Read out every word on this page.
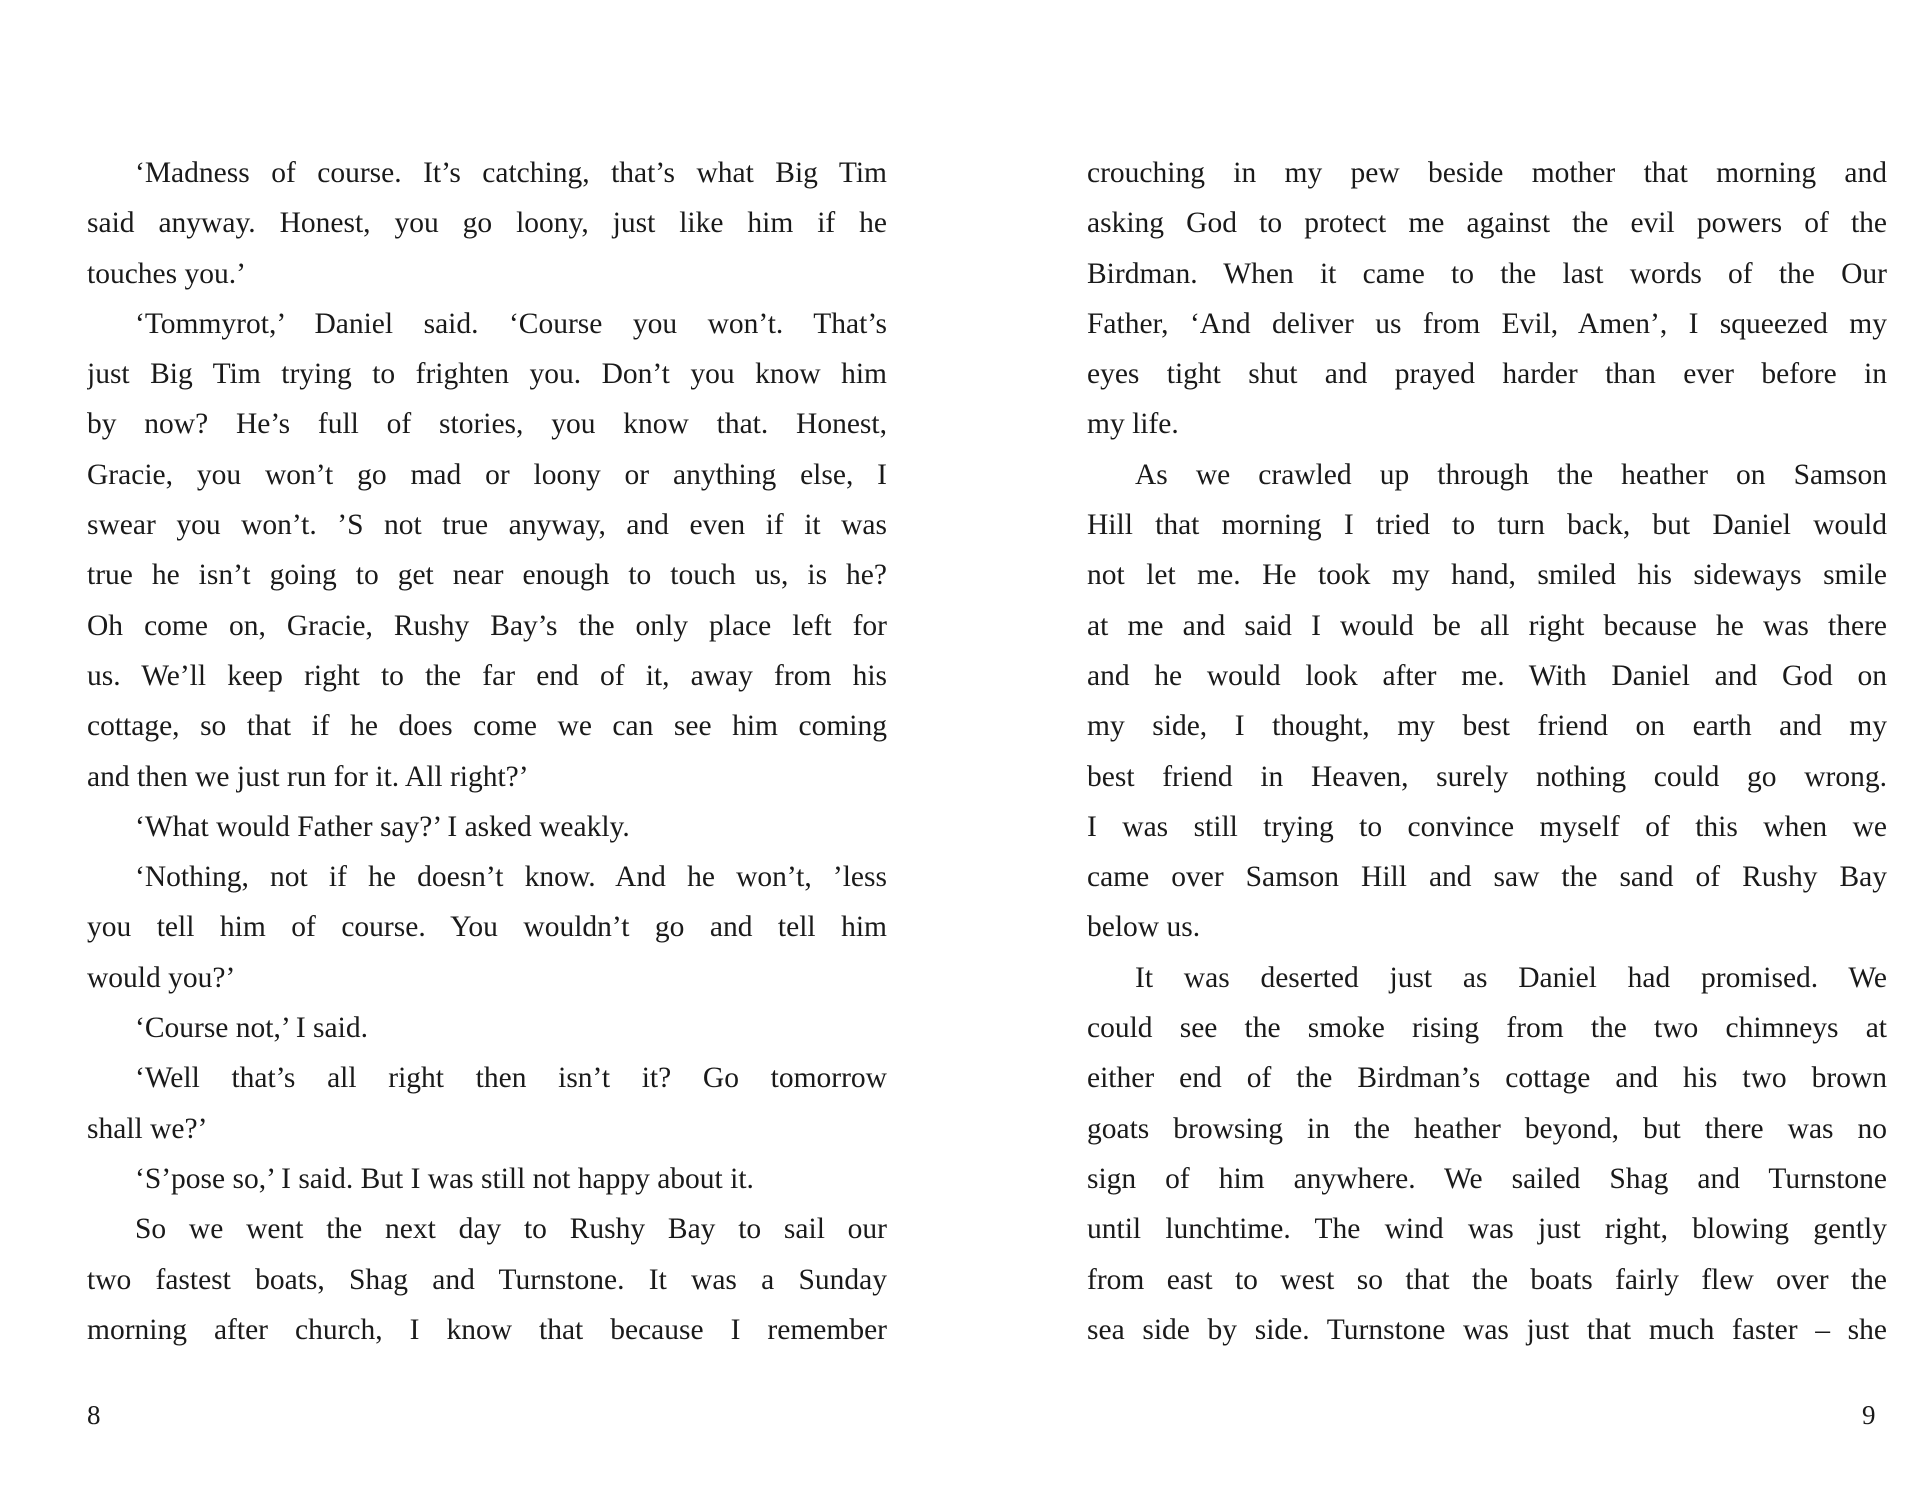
‘Madness of course. It’s catching, that’s what Big Tim
said anyway. Honest, you go loony, just like him if he
touches you.’
‘Tommyrot,’ Daniel said. ‘Course you won’t. That’s
just Big Tim trying to frighten you. Don’t you know him
by now? He’s full of stories, you know that. Honest,
Gracie, you won’t go mad or loony or anything else, I
swear you won’t. ’S not true anyway, and even if it was
true he isn’t going to get near enough to touch us, is he?
Oh come on, Gracie, Rushy Bay’s the only place left for
us. We’ll keep right to the far end of it, away from his
cottage, so that if he does come we can see him coming
and then we just run for it. All right?’
‘What would Father say?’ I asked weakly.
‘Nothing, not if he doesn’t know. And he won’t, ’less
you tell him of course. You wouldn’t go and tell him
would you?’
‘Course not,’ I said.
‘Well that’s all right then isn’t it? Go tomorrow
shall we?’
‘S’pose so,’ I said. But I was still not happy about it.
So we went the next day to Rushy Bay to sail our
two fastest boats, Shag and Turnstone. It was a Sunday
morning after church, I know that because I remember
crouching in my pew beside mother that morning and
asking God to protect me against the evil powers of the
Birdman. When it came to the last words of the Our
Father, ‘And deliver us from Evil, Amen’, I squeezed my
eyes tight shut and prayed harder than ever before in
my life.
As we crawled up through the heather on Samson
Hill that morning I tried to turn back, but Daniel would
not let me. He took my hand, smiled his sideways smile
at me and said I would be all right because he was there
and he would look after me. With Daniel and God on
my side, I thought, my best friend on earth and my
best friend in Heaven, surely nothing could go wrong.
I was still trying to convince myself of this when we
came over Samson Hill and saw the sand of Rushy Bay
below us.
It was deserted just as Daniel had promised. We
could see the smoke rising from the two chimneys at
either end of the Birdman’s cottage and his two brown
goats browsing in the heather beyond, but there was no
sign of him anywhere. We sailed Shag and Turnstone
until lunchtime. The wind was just right, blowing gently
from east to west so that the boats fairly flew over the
sea side by side. Turnstone was just that much faster – she
8	9
